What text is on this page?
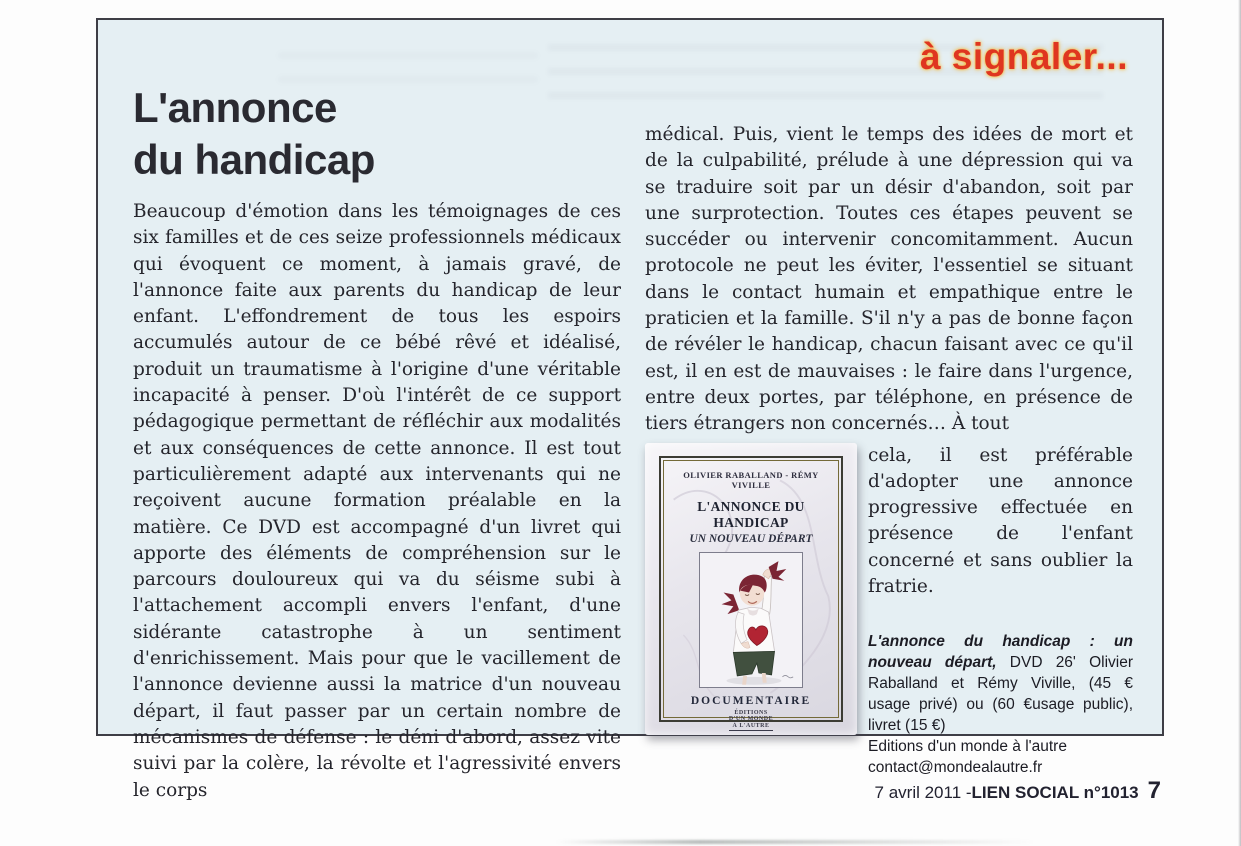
à signaler...
L'annonce
du handicap

Beaucoup d'émotion dans les témoignages de ces six familles et de ces seize professionnels médicaux qui évoquent ce moment, à jamais gravé, de l'annonce faite aux parents du handicap de leur enfant. L'effondrement de tous les espoirs accumulés autour de ce bébé rêvé et idéalisé, produit un traumatisme à l'origine d'une véritable incapacité à penser. D'où l'intérêt de ce support pédagogique permettant de réfléchir aux modalités et aux conséquences de cette annonce. Il est tout particulièrement adapté aux intervenants qui ne reçoivent aucune formation préalable en la matière. Ce DVD est accompagné d'un livret qui apporte des éléments de compréhension sur le parcours douloureux qui va du séisme subi à l'attachement accompli envers l'enfant, d'une sidérante catastrophe à un sentiment d'enrichissement. Mais pour que le vacillement de l'annonce devienne aussi la matrice d'un nouveau départ, il faut passer par un certain nombre de mécanismes de défense : le déni d'abord, assez vite suivi par la colère, la révolte et l'agressivité envers le corps

médical. Puis, vient le temps des idées de mort et de la culpabilité, prélude à une dépression qui va se traduire soit par un désir d'abandon, soit par une surprotection. Toutes ces étapes peuvent se succéder ou intervenir concomitamment. Aucun protocole ne peut les éviter, l'essentiel se situant dans le contact humain et empathique entre le praticien et la famille. S'il n'y a pas de bonne façon de révéler le handicap, chacun faisant avec ce qu'il est, il en est de mauvaises : le faire dans l'urgence, entre deux portes, par téléphone, en présence de tiers étrangers non concernés… À tout

OLIVIER RABALLAND - RÉMY VIVILLE
L'ANNONCE DU HANDICAP
UN NOUVEAU DÉPART
DOCUMENTAIRE
ÉDITIONS
D'UN MONDE
À L'AUTRE

cela, il est préférable d'adopter une annonce progressive effectuée en présence de l'enfant concerné et sans oublier la fratrie.

L'annonce du handicap : un nouveau départ, DVD 26' Olivier Raballand et Rémy Viville, (45 € usage privé) ou (60 €usage public), livret (15 €)

Editions d'un monde à l'autre

contact@mondealautre.fr

7 avril 2011 - LIEN SOCIAL n°1013 7
